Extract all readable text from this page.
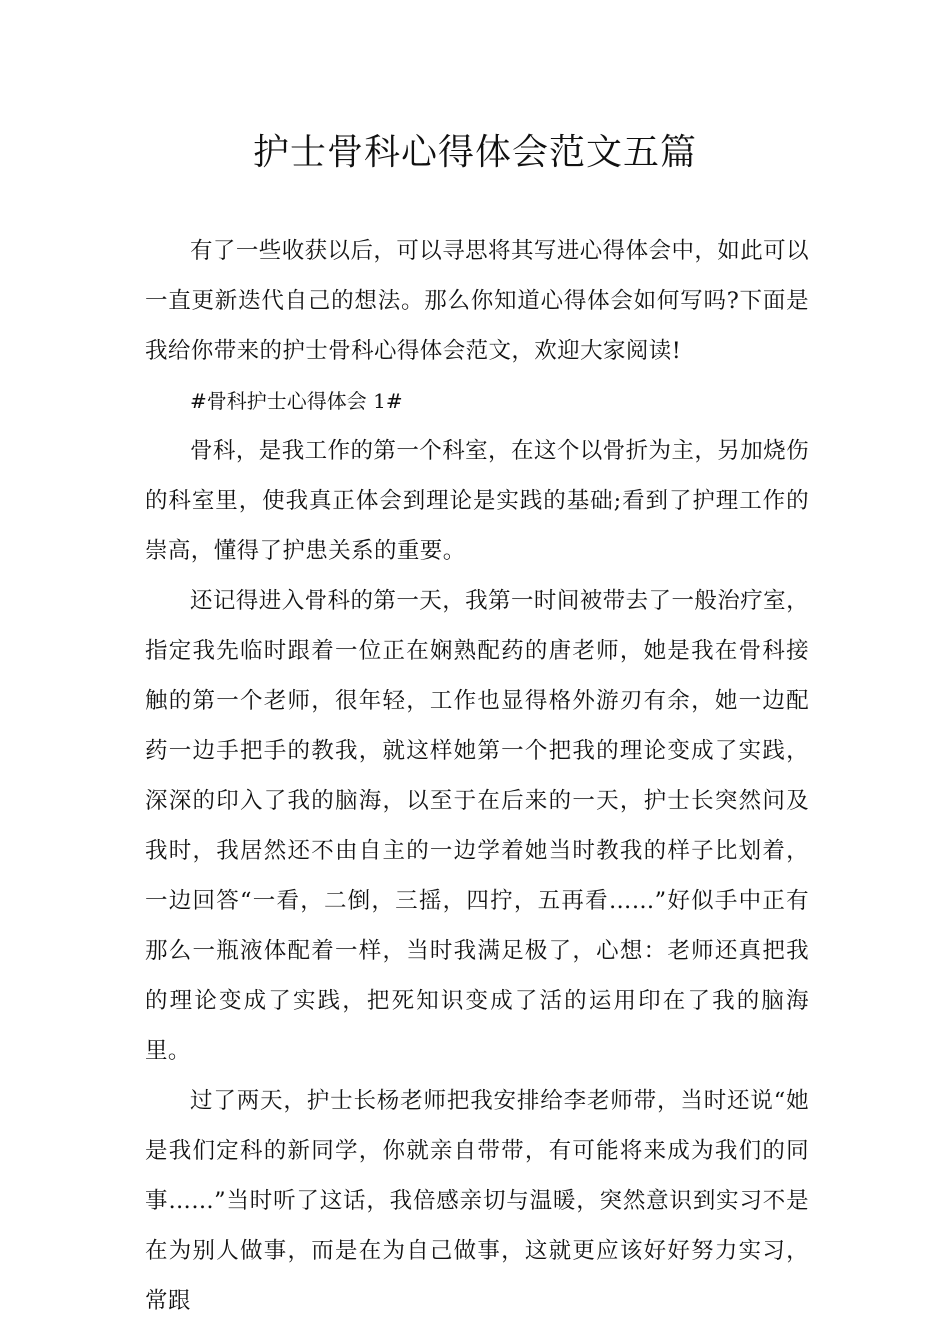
护士骨科心得体会范文五篇

有了一些收获以后，可以寻思将其写进心得体会中，如此可以一直更新迭代自己的想法。那么你知道心得体会如何写吗?下面是我给你带来的护士骨科心得体会范文，欢迎大家阅读!

#骨科护士心得体会 1#

骨科，是我工作的第一个科室，在这个以骨折为主，另加烧伤的科室里，使我真正体会到理论是实践的基础;看到了护理工作的崇高，懂得了护患关系的重要。

还记得进入骨科的第一天，我第一时间被带去了一般治疗室，指定我先临时跟着一位正在娴熟配药的唐老师，她是我在骨科接触的第一个老师，很年轻，工作也显得格外游刃有余，她一边配药一边手把手的教我，就这样她第一个把我的理论变成了实践，深深的印入了我的脑海，以至于在后来的一天，护士长突然问及我时，我居然还不由自主的一边学着她当时教我的样子比划着，一边回答“一看，二倒，三摇，四拧，五再看……”好似手中正有那么一瓶液体配着一样，当时我满足极了，心想：老师还真把我的理论变成了实践，把死知识变成了活的运用印在了我的脑海里。

过了两天，护士长杨老师把我安排给李老师带，当时还说“她是我们定科的新同学，你就亲自带带，有可能将来成为我们的同事……”当时听了这话，我倍感亲切与温暖，突然意识到实习不是在为别人做事，而是在为自己做事，这就更应该好好努力实习，常跟
